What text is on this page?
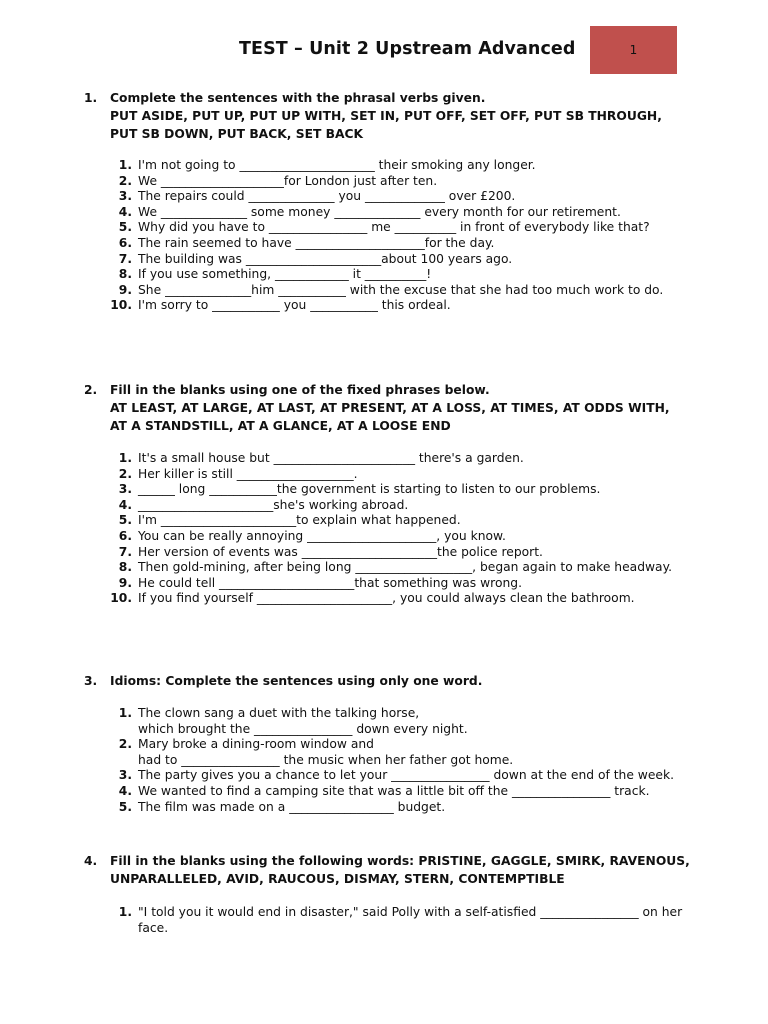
TEST – Unit 2 Upstream Advanced	1
1.	Complete the sentences with the phrasal verbs given.
PUT ASIDE, PUT UP, PUT UP WITH, SET IN, PUT OFF, SET OFF, PUT SB THROUGH, PUT SB DOWN, PUT BACK, SET BACK
1. I'm not going to ______________________ their smoking any longer.
2. We ____________________for London just after ten.
3. The repairs could ______________ you _____________ over £200.
4. We ______________ some money ______________ every month for our retirement.
5. Why did you have to ________________ me __________ in front of everybody like that?
6. The rain seemed to have _____________________for the day.
7. The building was ______________________about 100 years ago.
8. If you use something, ____________ it __________!
9. She ______________him ___________ with the excuse that she had too much work to do.
10. I'm sorry to ___________ you ___________ this ordeal.
2.	Fill in the blanks using one of the fixed phrases below.
AT LEAST, AT LARGE, AT LAST, AT PRESENT, AT A LOSS, AT TIMES, AT ODDS WITH, AT A STANDSTILL, AT A GLANCE, AT A LOOSE END
1. It's a small house but _______________________ there's a garden.
2. Her killer is still ___________________.
3. ______ long ___________the government is starting to listen to our problems.
4. ______________________she's working abroad.
5. I'm ______________________to explain what happened.
6. You can be really annoying _____________________, you know.
7. Her version of events was ______________________the police report.
8. Then gold-mining, after being long ___________________, began again to make headway.
9. He could tell ______________________that something was wrong.
10. If you find yourself ______________________, you could always clean the bathroom.
3.	Idioms: Complete the sentences using only one word.
1. The clown sang a duet with the talking horse,
which brought the ________________ down every night.
2. Mary broke a dining-room window and
had to ________________ the music when her father got home.
3. The party gives you a chance to let your ________________ down at the end of the week.
4. We wanted to find a camping site that was a little bit off the ________________ track.
5. The film was made on a _________________ budget.
4.	Fill in the blanks using the following words: PRISTINE, GAGGLE, SMIRK, RAVENOUS, UNPARALLELED, AVID, RAUCOUS, DISMAY, STERN, CONTEMPTIBLE
1. "I told you it would end in disaster," said Polly with a self-atisfied ________________ on her face.
